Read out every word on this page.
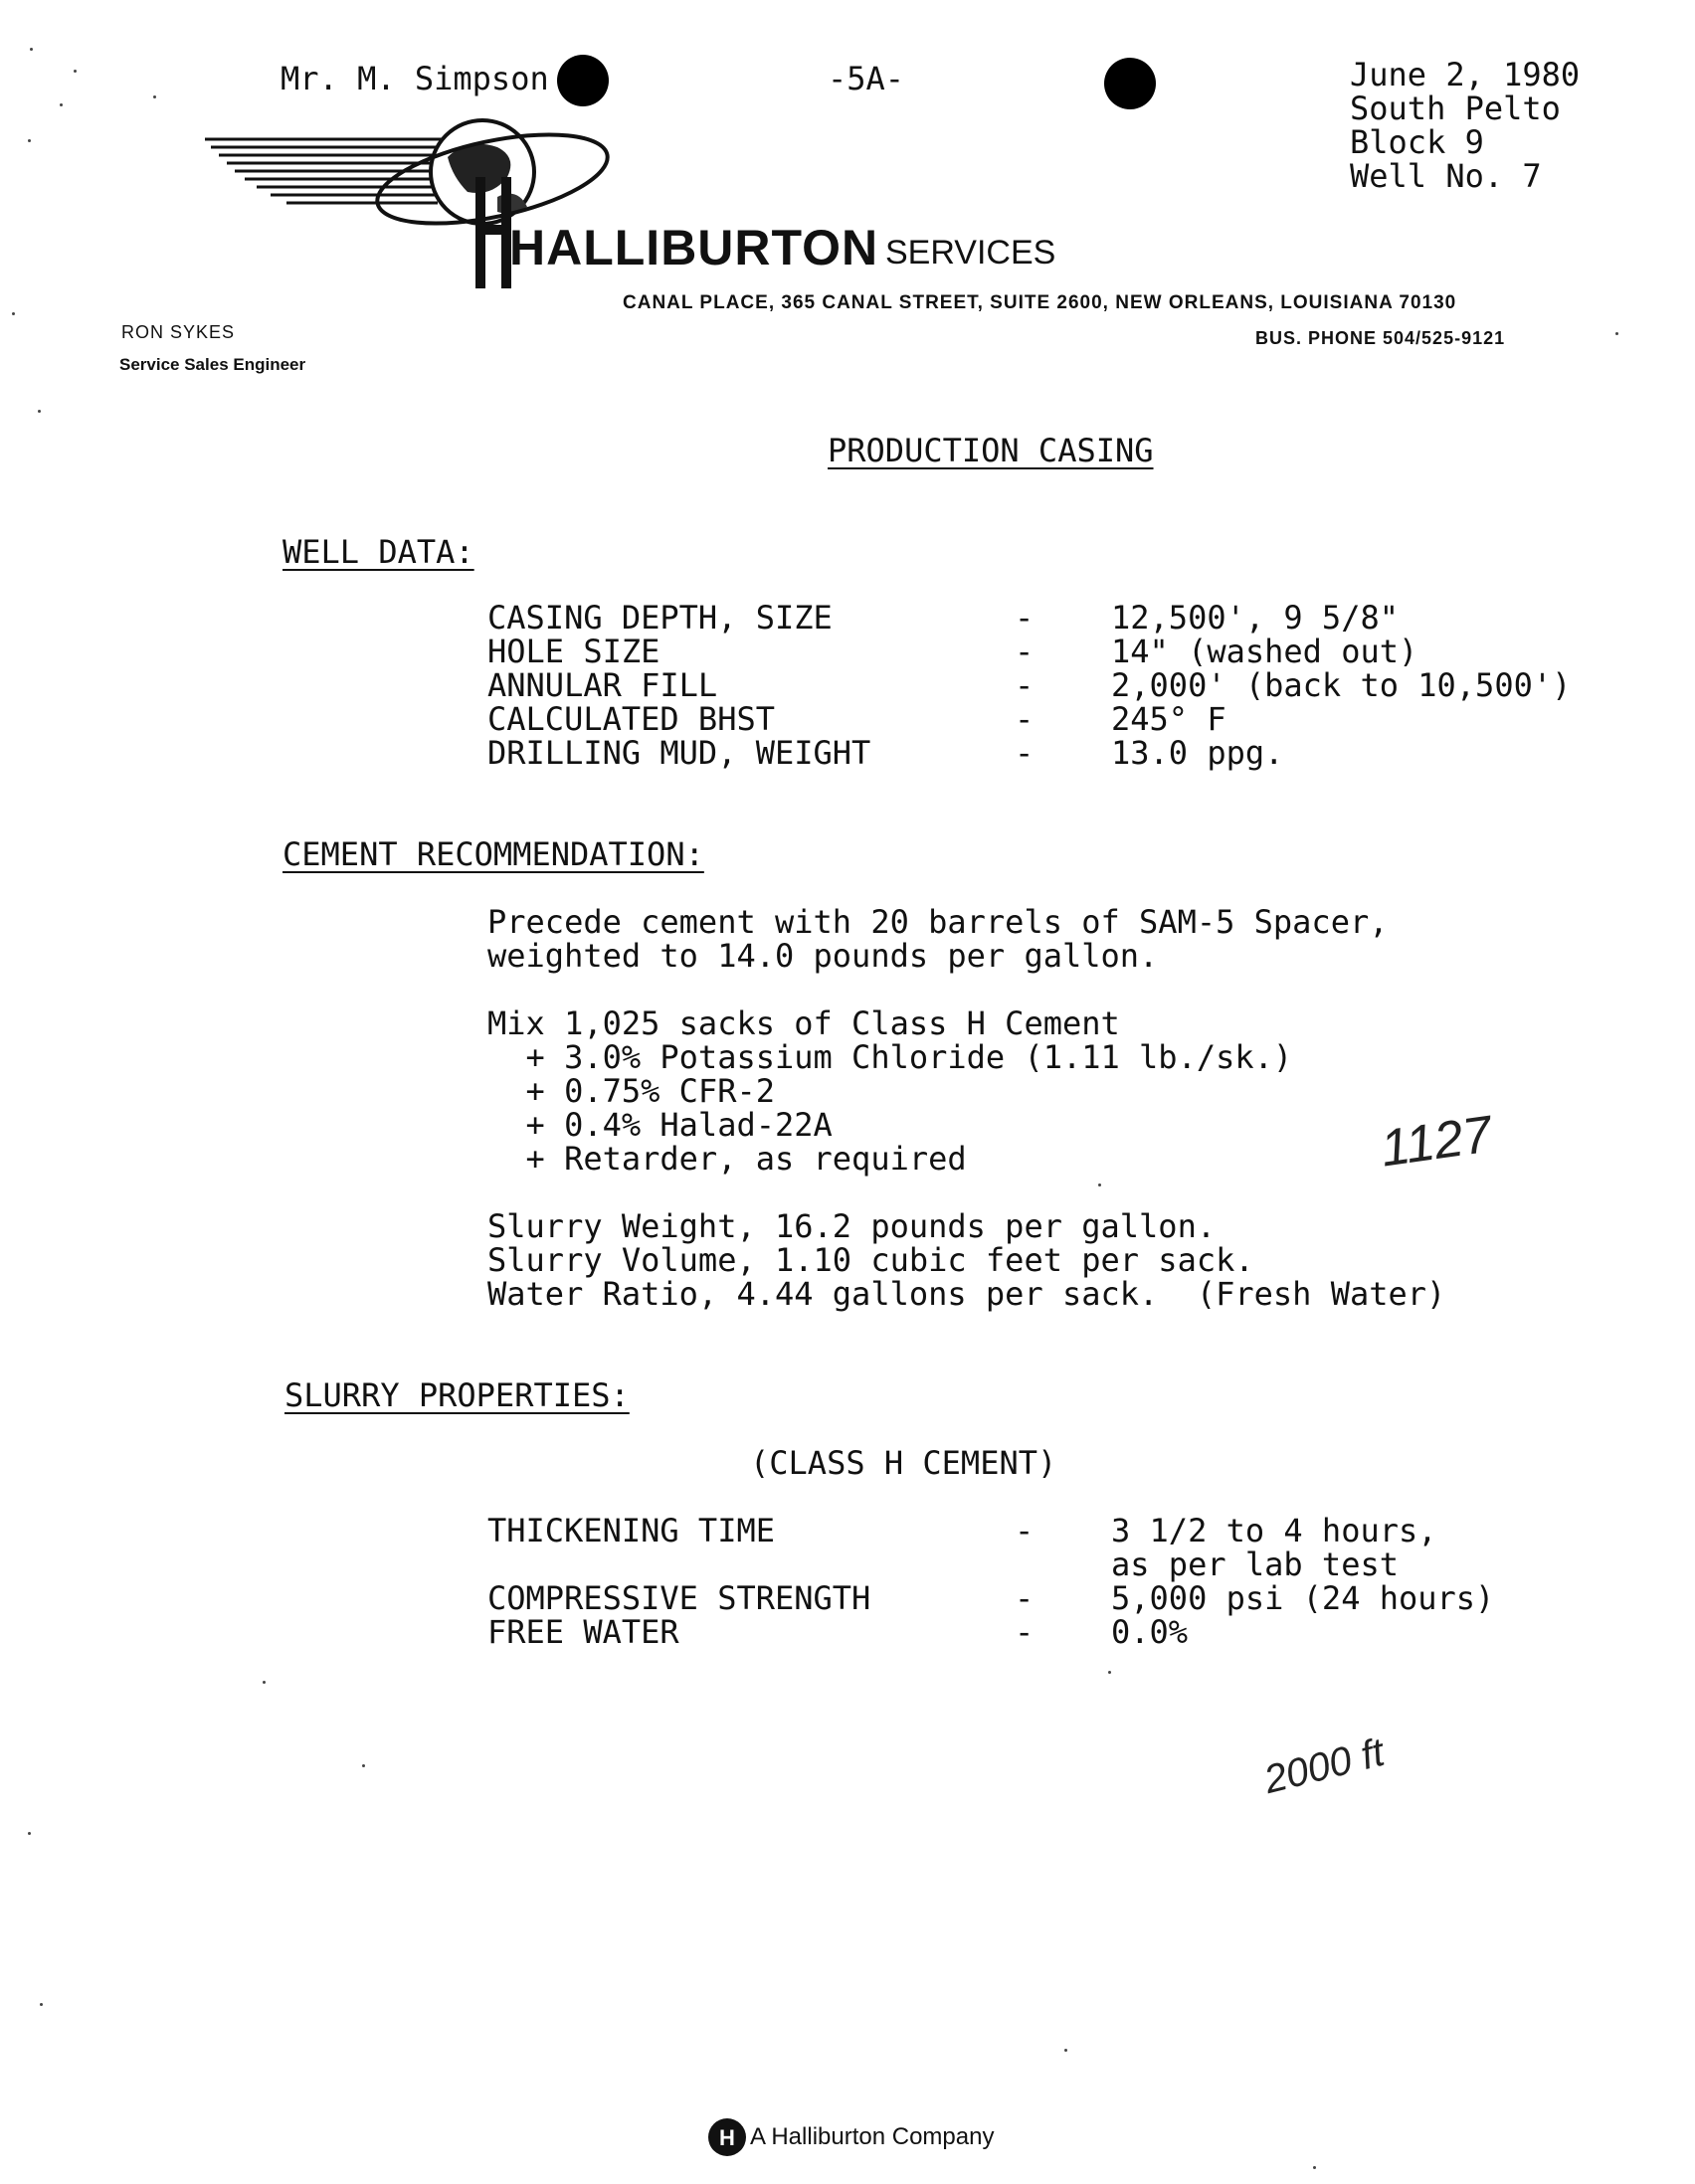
Mr. M. Simpson	-5A-	June 2, 1980
South Pelto
Block 9
Well No. 7
HALLIBURTON SERVICES
CANAL PLACE, 365 CANAL STREET, SUITE 2600, NEW ORLEANS, LOUISIANA 70130
BUS. PHONE 504/525-9121
RON SYKES
Service Sales Engineer
PRODUCTION CASING
WELL DATA:
CASING DEPTH, SIZE	- 12,500', 9 5/8"
HOLE SIZE	- 14" (washed out)
ANNULAR FILL	- 2,000' (back to 10,500')
CALCULATED BHST	- 245° F
DRILLING MUD, WEIGHT	- 13.0 ppg.
CEMENT RECOMMENDATION:
Precede cement with 20 barrels of SAM-5 Spacer,
weighted to 14.0 pounds per gallon.
Mix 1,025 sacks of Class H Cement
+ 3.0% Potassium Chloride (1.11 lb./sk.)
+ 0.75% CFR-2
+ 0.4% Halad-22A
+ Retarder, as required	1127
Slurry Weight, 16.2 pounds per gallon.
Slurry Volume, 1.10 cubic feet per sack.
Water Ratio, 4.44 gallons per sack.  (Fresh Water)
SLURRY PROPERTIES:
(CLASS H CEMENT)
THICKENING TIME	- 3 1/2 to 4 hours,
as per lab test
COMPRESSIVE STRENGTH	- 5,000 psi (24 hours)
FREE WATER	- 0.0%
2000 ft
H A Halliburton Company
